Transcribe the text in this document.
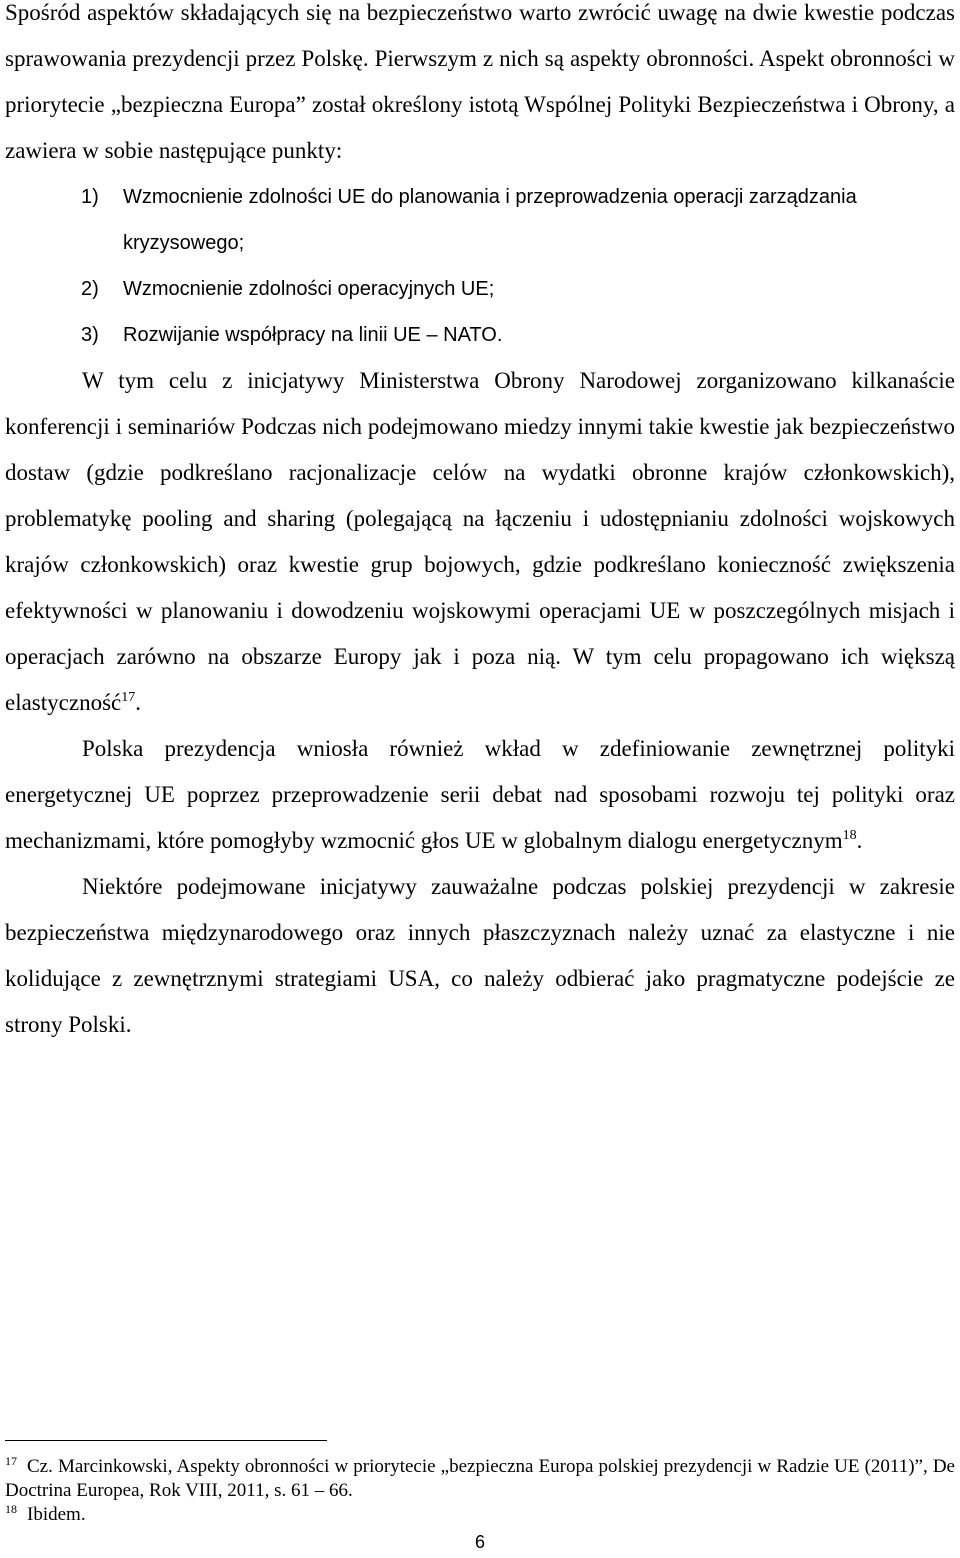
Spośród aspektów składających się na bezpieczeństwo warto zwrócić uwagę na dwie kwestie podczas sprawowania prezydencji przez Polskę. Pierwszym z nich są aspekty obronności. Aspekt obronności w priorytecie „bezpieczna Europa” został określony istotą Wspólnej Polityki Bezpieczeństwa i Obrony, a zawiera w sobie następujące punkty:

1)	Wzmocnienie zdolności UE do planowania i przeprowadzenia operacji zarządzania kryzysowego;
2)	Wzmocnienie zdolności operacyjnych UE;
3)	Rozwijanie współpracy na linii UE – NATO.

W tym celu z inicjatywy Ministerstwa Obrony Narodowej zorganizowano kilkanaście konferencji i seminariów Podczas nich podejmowano miedzy innymi takie kwestie jak bezpieczeństwo dostaw (gdzie podkreślano racjonalizacje celów na wydatki obronne krajów członkowskich), problematykę pooling and sharing (polegającą na łączeniu i udostępnianiu zdolności wojskowych krajów członkowskich) oraz kwestie grup bojowych, gdzie podkreślano konieczność zwiększenia efektywności w planowaniu i dowodzeniu wojskowymi operacjami UE w poszczególnych misjach i operacjach zarówno na obszarze Europy jak i poza nią. W tym celu propagowano ich większą elastyczność$^{17}$.

Polska prezydencja wniosła również wkład w zdefiniowanie zewnętrznej polityki energetycznej UE poprzez przeprowadzenie serii debat nad sposobami rozwoju tej polityki oraz mechanizmami, które pomogłyby wzmocnić głos UE w globalnym dialogu energetycznym$^{18}$.

Niektóre podejmowane inicjatywy zauważalne podczas polskiej prezydencji w zakresie bezpieczeństwa międzynarodowego oraz innych płaszczyznach należy uznać za elastyczne i nie kolidujące z zewnętrznymi strategiami USA, co należy odbierać jako pragmatyczne podejście ze strony Polski.

$^{17}$ Cz. Marcinkowski, Aspekty obronności w priorytecie „bezpieczna Europa polskiej prezydencji w Radzie UE (2011)”, De Doctrina Europea, Rok VIII, 2011, s. 61 – 66.

$^{18}$ Ibidem.

6
